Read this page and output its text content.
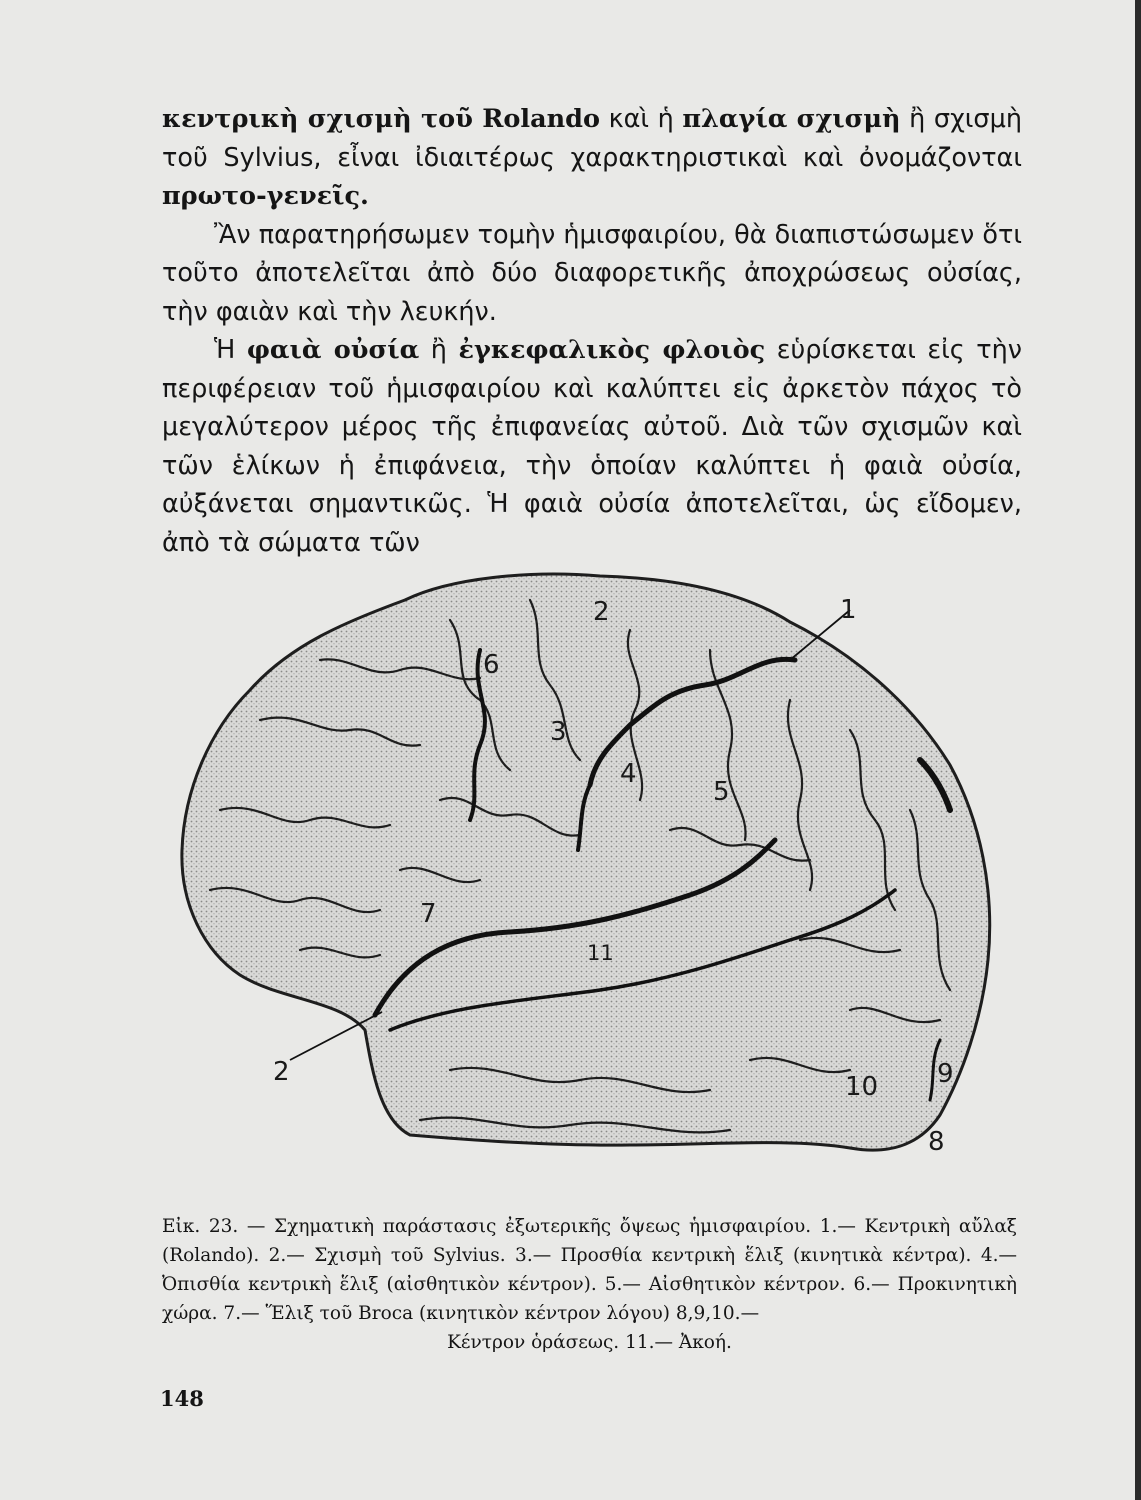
κεντρικὴ σχισμὴ τοῦ Rolando καὶ ἡ πλαγία σχισμὴ ἢ σχισμὴ τοῦ Sylvius, εἶναι ἰδιαιτέρως χαρακτηριστικαὶ καὶ ὀνομάζονται πρωτο-γενεῖς.

Ἂν παρατηρήσωμεν τομὴν ἡμισφαιρίου, θὰ διαπιστώσωμεν ὅτι τοῦτο ἀποτελεῖται ἀπὸ δύο διαφορετικῆς ἀποχρώσεως οὐσίας, τὴν φαιὰν καὶ τὴν λευκήν.

Ἡ φαιὰ οὐσία ἢ ἐγκεφαλικὸς φλοιὸς εὑρίσκεται εἰς τὴν περιφέρειαν τοῦ ἡμισφαιρίου καὶ καλύπτει εἰς ἀρκετὸν πάχος τὸ μεγαλύτερον μέρος τῆς ἐπιφανείας αὐτοῦ. Διὰ τῶν σχισμῶν καὶ τῶν ἑλίκων ἡ ἐπιφάνεια, τὴν ὁποίαν καλύπτει ἡ φαιὰ οὐσία, αὐξάνεται σημαντικῶς. Ἡ φαιὰ οὐσία ἀποτελεῖται, ὡς εἴδομεν, ἀπὸ τὰ σώματα τῶν

1
2
3
4
5
6
7
8
9
10
11
2
Εἰκ. 23. — Σχηματικὴ παράστασις ἐξωτερικῆς ὄψεως ἡμισφαιρίου. 1.— Κεντρικὴ αὔλαξ (Rolando). 2.— Σχισμὴ τοῦ Sylvius. 3.— Προσθία κεντρικὴ ἕλιξ (κινητικὰ κέντρα). 4.— Ὀπισθία κεντρικὴ ἕλιξ (αἰσθητικὸν κέντρον). 5.— Αἰσθητικὸν κέντρον. 6.— Προκινητικὴ χώρα. 7.— Ἕλιξ τοῦ Broca (κινητικὸν κέντρον λόγου) 8,9,10.—
Κέντρον ὁράσεως. 11.— Ἀκοή.
148
